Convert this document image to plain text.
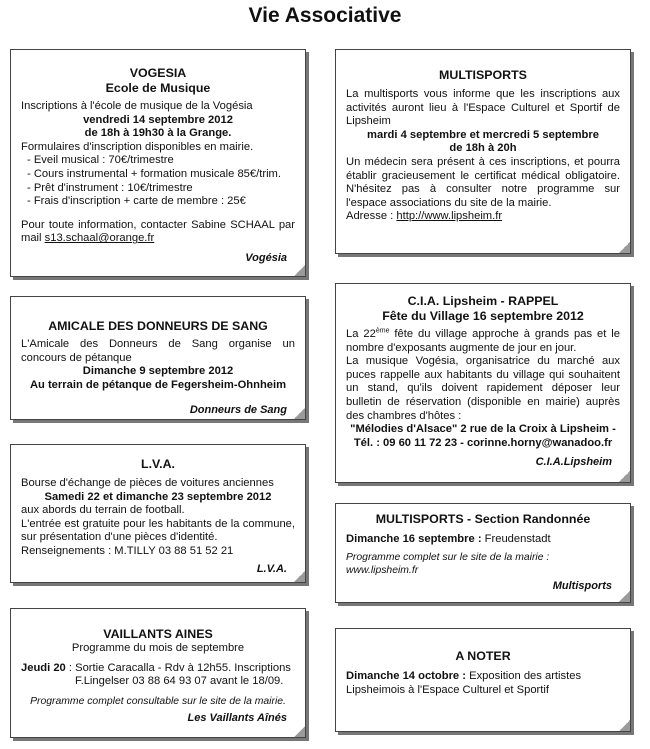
Vie Associative
VOGESIA
Ecole de Musique
Inscriptions à l'école de musique de la Vogésia
vendredi 14 septembre 2012
de 18h à 19h30 à la Grange.
Formulaires d'inscription disponibles en mairie.
- Eveil musical : 70€/trimestre
- Cours instrumental + formation musicale 85€/trim.
- Prêt d'instrument : 10€/trimestre
- Frais d'inscription + carte de membre : 25€
Pour toute information, contacter Sabine SCHAAL par mail s13.schaal@orange.fr
Vogésia
MULTISPORTS
La multisports vous informe que les inscriptions aux activités auront lieu à l'Espace Culturel et Sportif de Lipsheim
mardi 4 septembre et mercredi 5 septembre
de 18h à 20h
Un médecin sera présent à ces inscriptions, et pourra établir gracieusement le certificat médical obligatoire. N'hésitez pas à consulter notre programme sur l'espace associations du site de la mairie.
Adresse : http://www.lipsheim.fr
AMICALE DES DONNEURS DE SANG
L'Amicale des Donneurs de Sang organise un concours de pétanque
Dimanche 9 septembre 2012
Au terrain de pétanque de Fegersheim-Ohnheim
Donneurs de Sang
C.I.A. Lipsheim - RAPPEL
Fête du Village 16 septembre 2012
La 22ème fête du village approche à grands pas et le nombre d'exposants augmente de jour en jour.
La musique Vogésia, organisatrice du marché aux puces rappelle aux habitants du village qui souhaitent un stand, qu'ils doivent rapidement déposer leur bulletin de réservation (disponible en mairie) auprès des chambres d'hôtes :
"Mélodies d'Alsace" 2 rue de la Croix à Lipsheim -
Tél. : 09 60 11 72 23 - corinne.horny@wanadoo.fr
C.I.A.Lipsheim
L.V.A.
Bourse d'échange de pièces de voitures anciennes
Samedi 22 et dimanche 23 septembre 2012
aux abords du terrain de football.
L'entrée est gratuite pour les habitants de la commune, sur présentation d'une pièces d'identité.
Renseignements : M.TILLY 03 88 51 52 21
L.V.A.
MULTISPORTS - Section Randonnée
Dimanche 16 septembre : Freudenstadt
Programme complet sur le site de la mairie :
www.lipsheim.fr
Multisports
VAILLANTS AINES
Programme du mois de septembre
Jeudi 20 : Sortie Caracalla - Rdv à 12h55. Inscriptions
F.Lingelser 03 88 64 93 07 avant le 18/09.
Programme complet consultable sur le site de la mairie.
Les Vaillants Aînés
A NOTER
Dimanche 14 octobre : Exposition des artistes
Lipsheimois à l'Espace Culturel et Sportif
